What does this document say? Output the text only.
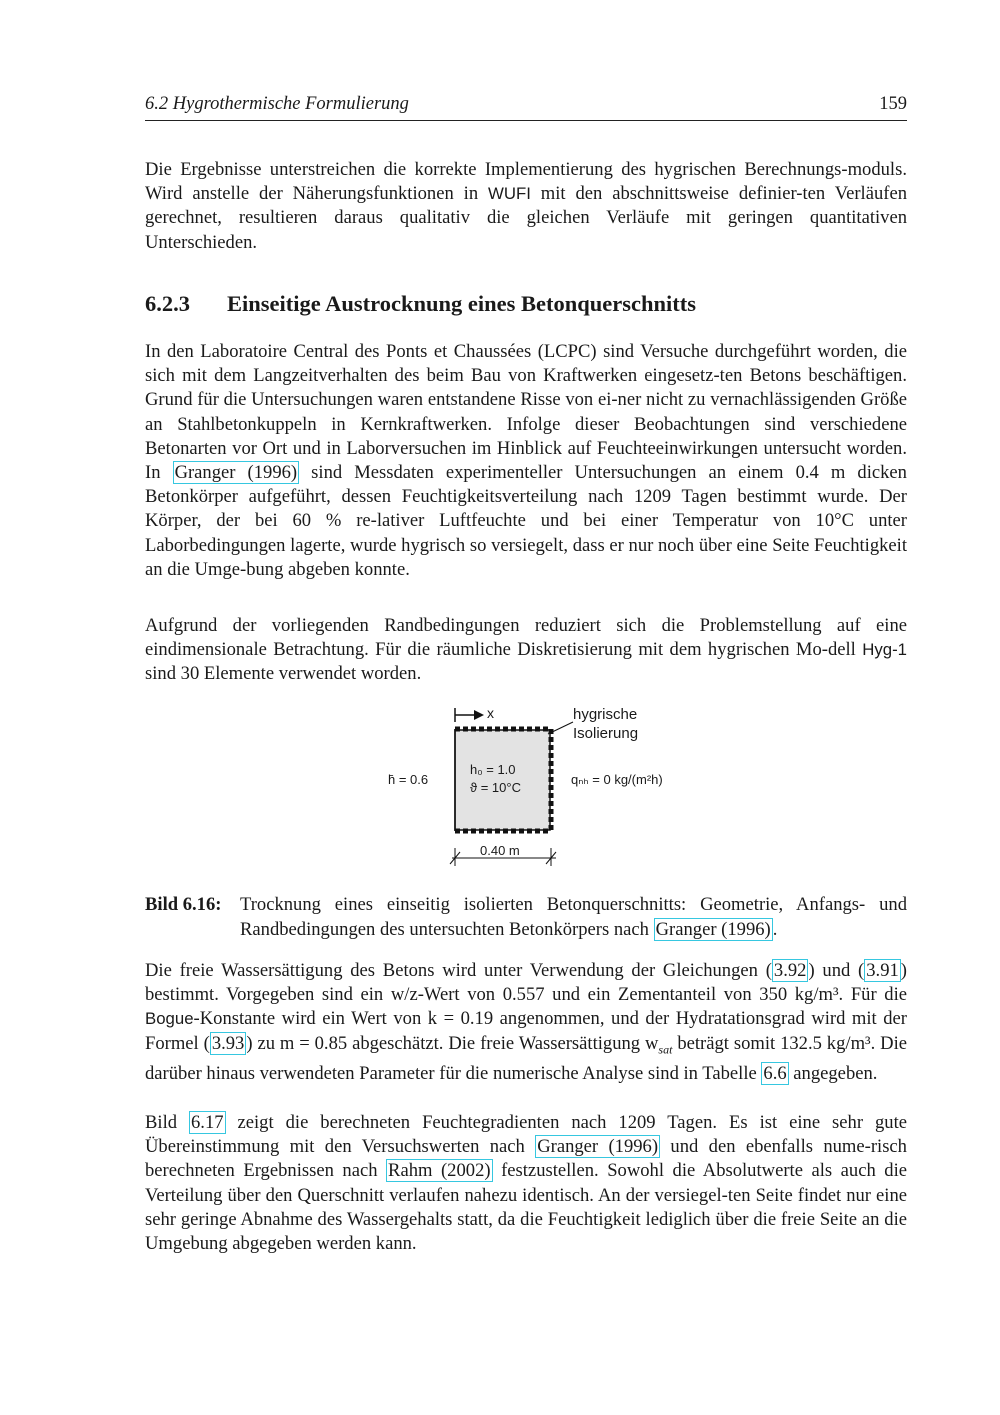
6.2 Hygrothermische Formulierung	159

Die Ergebnisse unterstreichen die korrekte Implementierung des hygrischen Berechnungs-moduls. Wird anstelle der Näherungsfunktionen in WUFI mit den abschnittsweise definier-ten Verläufen gerechnet, resultieren daraus qualitativ die gleichen Verläufe mit geringen quantitativen Unterschieden.

6.2.3 Einseitige Austrocknung eines Betonquerschnitts

In den Laboratoire Central des Ponts et Chaussées (LCPC) sind Versuche durchgeführt worden, die sich mit dem Langzeitverhalten des beim Bau von Kraftwerken eingesetz-ten Betons beschäftigen. Grund für die Untersuchungen waren entstandene Risse von ei-ner nicht zu vernachlässigenden Größe an Stahlbetonkuppeln in Kernkraftwerken. Infolge dieser Beobachtungen sind verschiedene Betonarten vor Ort und in Laborversuchen im Hinblick auf Feuchteeinwirkungen untersucht worden. In Granger (1996) sind Messdaten experimenteller Untersuchungen an einem 0.4 m dicken Betonkörper aufgeführt, dessen Feuchtigkeitsverteilung nach 1209 Tagen bestimmt wurde. Der Körper, der bei 60 % re-lativer Luftfeuchte und bei einer Temperatur von 10°C unter Laborbedingungen lagerte, wurde hygrisch so versiegelt, dass er nur noch über eine Seite Feuchtigkeit an die Umge-bung abgeben konnte.

Aufgrund der vorliegenden Randbedingungen reduziert sich die Problemstellung auf eine eindimensionale Betrachtung. Für die räumliche Diskretisierung mit dem hygrischen Mo-dell Hyg-1 sind 30 Elemente verwendet worden.

x	hygrische
Isolierung
h̄ = 0.6
h₀ = 1.0
ϑ = 10°C
qₙₕ = 0 kg/(m²h)
0.40 m
Bild 6.16: Trocknung eines einseitig isolierten Betonquerschnitts: Geometrie, Anfangs- und Randbedingungen des untersuchten Betonkörpers nach Granger (1996) .

Die freie Wassersättigung des Betons wird unter Verwendung der Gleichungen ( 3.92 ) und ( 3.91 ) bestimmt. Vorgegeben sind ein w/z-Wert von 0.557 und ein Zementanteil von 350 kg/m³. Für die Bogue-Konstante wird ein Wert von k = 0.19 angenommen, und der Hydratationsgrad wird mit der Formel ( 3.93 ) zu m = 0.85 abgeschätzt. Die freie Wassersättigung $w_{sat}$ beträgt somit 132.5 kg/m³. Die darüber hinaus verwendeten Parameter für die numerische Analyse sind in Tabelle 6.6 angegeben.

Bild 6.17 zeigt die berechneten Feuchtegradienten nach 1209 Tagen. Es ist eine sehr gute Übereinstimmung mit den Versuchswerten nach Granger (1996) und den ebenfalls nume-risch berechneten Ergebnissen nach Rahm (2002) festzustellen. Sowohl die Absolutwerte als auch die Verteilung über den Querschnitt verlaufen nahezu identisch. An der versiegel-ten Seite findet nur eine sehr geringe Abnahme des Wassergehalts statt, da die Feuchtigkeit lediglich über die freie Seite an die Umgebung abgegeben werden kann.
